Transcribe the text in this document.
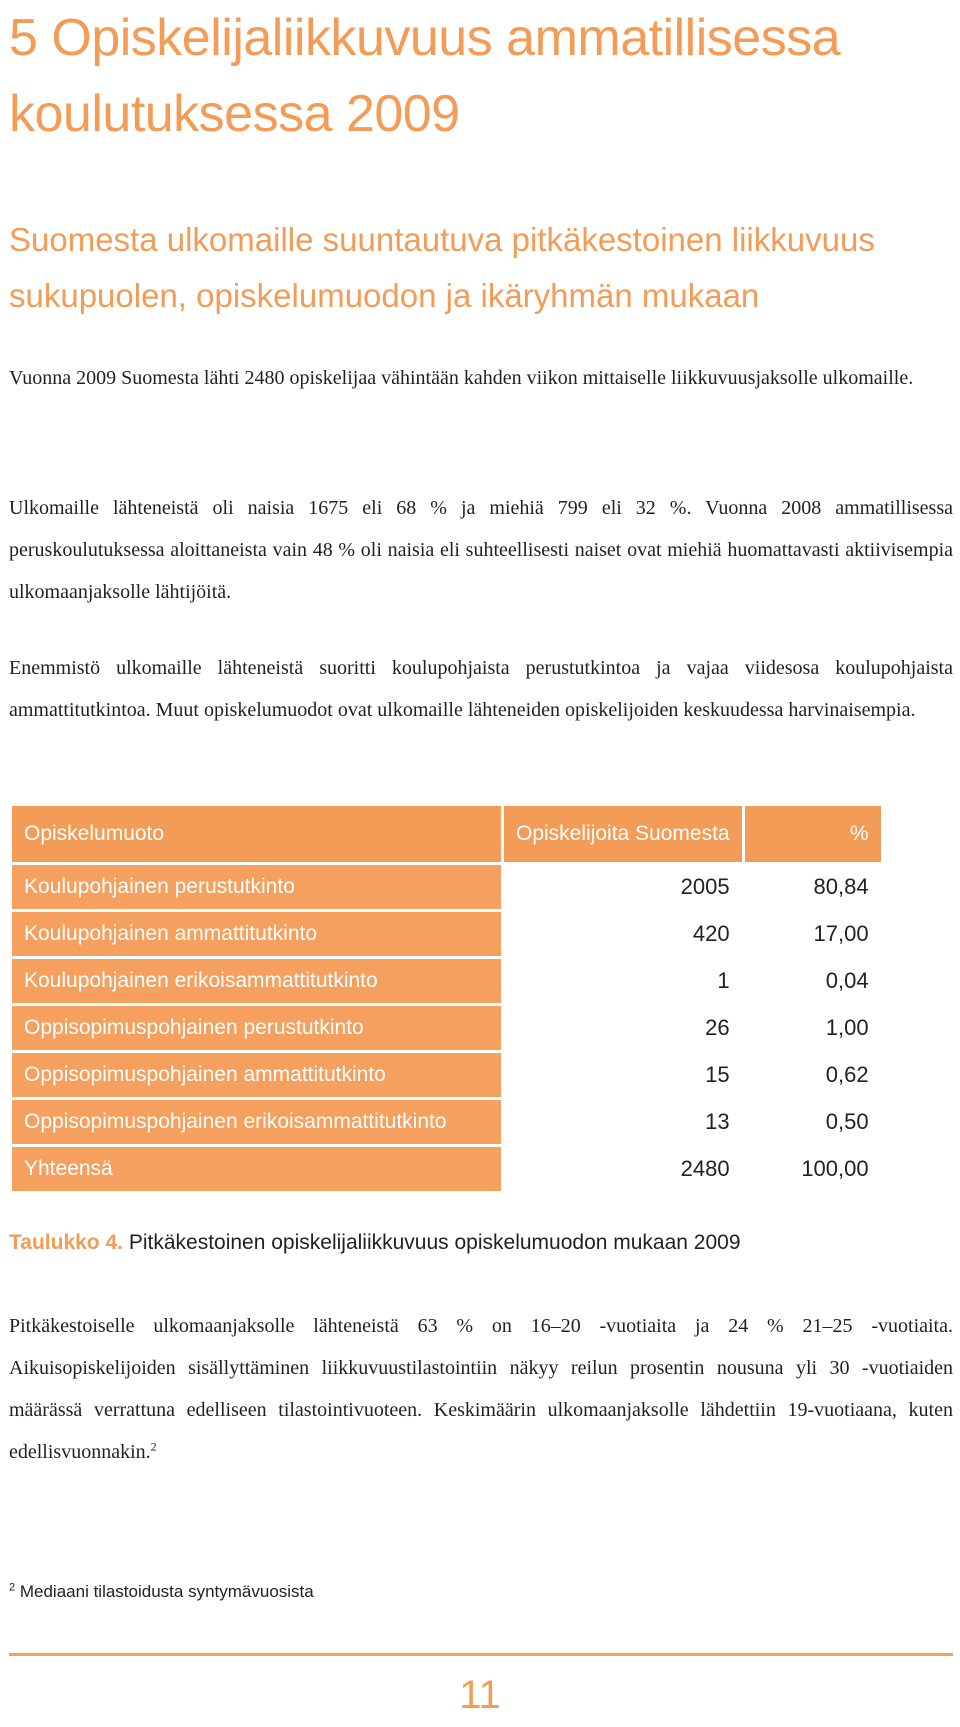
5 Opiskelijaliikkuvuus ammatillisessa koulutuksessa 2009
Suomesta ulkomaille suuntautuva pitkäkestoinen liikkuvuus sukupuolen, opiskelumuodon ja ikäryhmän mukaan

Vuonna 2009 Suomesta lähti 2480 opiskelijaa vähintään kahden viikon mittaiselle liikkuvuusjaksolle ulkomaille.

Ulkomaille lähteneistä oli naisia 1675 eli 68 % ja miehiä 799 eli 32 %. Vuonna 2008 ammatillisessa peruskoulutuksessa aloittaneista vain 48 % oli naisia eli suhteellisesti naiset ovat miehiä huomattavasti aktiivisempia ulkomaanjaksolle lähtijöitä.

Enemmistö ulkomaille lähteneistä suoritti koulupohjaista perustutkintoa ja vajaa viidesosa koulupohjaista ammattitutkintoa. Muut opiskelumuodot ovat ulkomaille lähteneiden opiskelijoiden keskuudessa harvinaisempia.

Opiskelumuoto	Opiskelijoita Suomesta	%
Koulupohjainen perustutkinto	2005	80,84
Koulupohjainen ammattitutkinto	420	17,00
Koulupohjainen erikoisammattitutkinto	1	0,04
Oppisopimuspohjainen perustutkinto	26	1,00
Oppisopimuspohjainen ammattitutkinto	15	0,62
Oppisopimuspohjainen erikoisammattitutkinto	13	0,50
Yhteensä	2480	100,00

Taulukko 4. Pitkäkestoinen opiskelijaliikkuvuus opiskelumuodon mukaan 2009

Pitkäkestoiselle ulkomaanjaksolle lähteneistä 63 % on 16–20 -vuotiaita ja 24 % 21–25 -vuotiaita. Aikuisopiskelijoiden sisällyttäminen liikkuvuustilastointiin näkyy reilun prosentin nousuna yli 30 -vuotiaiden määrässä verrattuna edelliseen tilastointivuoteen. Keskimäärin ulkomaanjaksolle lähdettiin 19-vuotiaana, kuten edellisvuonnakin.$^2$

$^2$ Mediaani tilastoidusta syntymävuosista

11
